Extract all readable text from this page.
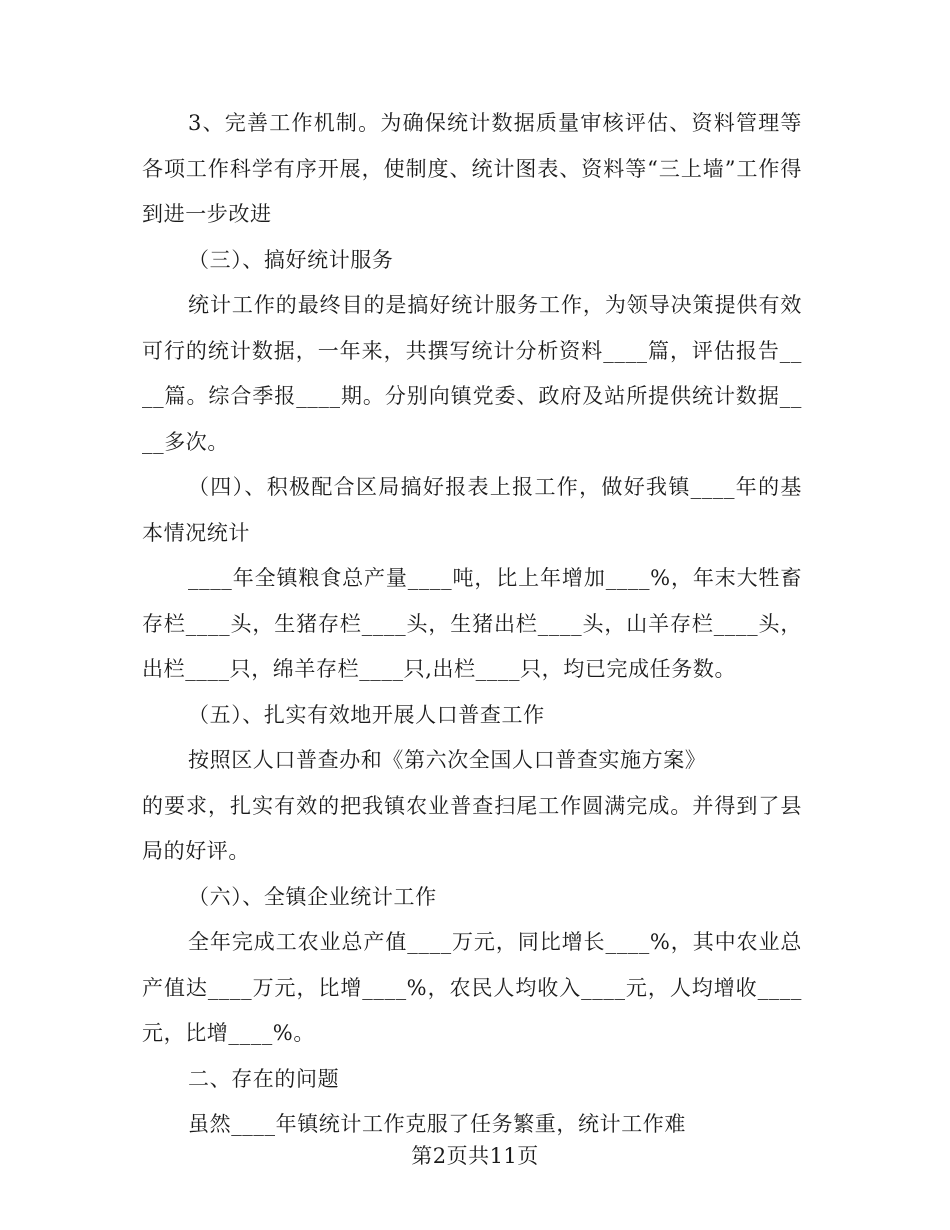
3、完善工作机制。为确保统计数据质量审核评估、资料管理等各项工作科学有序开展，使制度、统计图表、资料等“三上墙”工作得到进一步改进

（三）、搞好统计服务

统计工作的最终目的是搞好统计服务工作，为领导决策提供有效可行的统计数据，一年来，共撰写统计分析资料____篇，评估报告____篇。综合季报____期。分别向镇党委、政府及站所提供统计数据____多次。

（四）、积极配合区局搞好报表上报工作，做好我镇____年的基本情况统计

____年全镇粮食总产量____吨，比上年增加____%，年末大牲畜存栏____头，生猪存栏____头，生猪出栏____头，山羊存栏____头，出栏____只，绵羊存栏____只,出栏____只，均已完成任务数。

（五）、扎实有效地开展人口普查工作

按照区人口普查办和《第六次全国人口普查实施方案》

的要求，扎实有效的把我镇农业普查扫尾工作圆满完成。并得到了县局的好评。

（六）、全镇企业统计工作

全年完成工农业总产值____万元，同比增长____%，其中农业总产值达____万元，比增____%，农民人均收入____元，人均增收____元，比增____%。

二、存在的问题

虽然____年镇统计工作克服了任务繁重，统计工作难

第2页共11页
